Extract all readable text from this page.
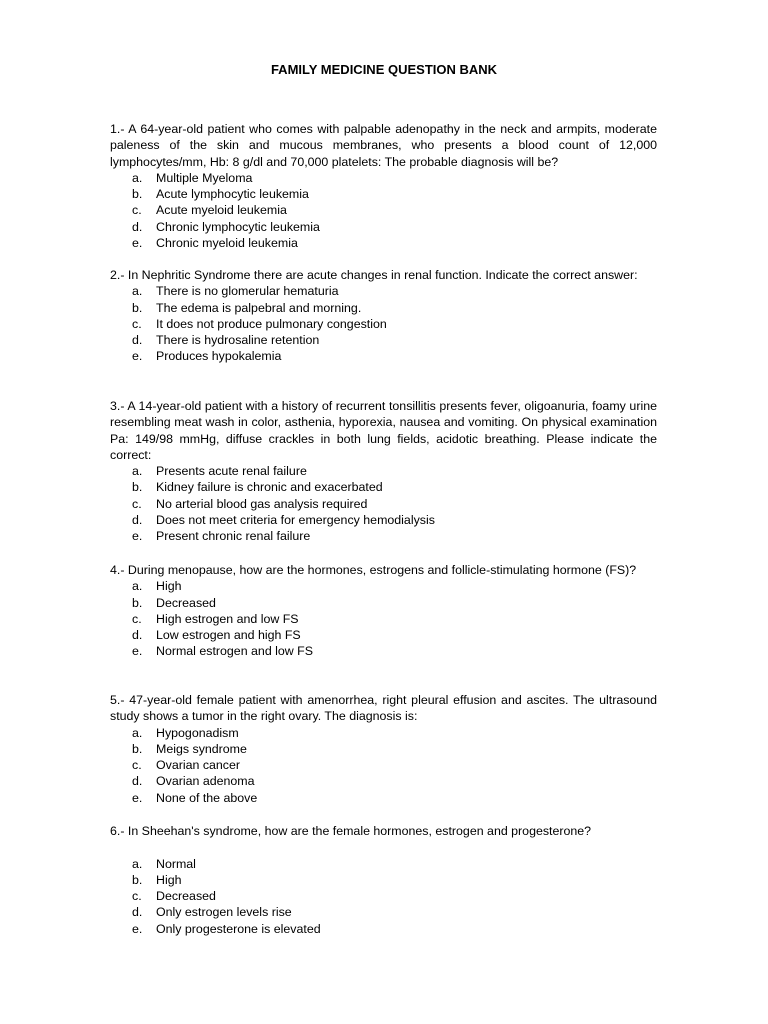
FAMILY MEDICINE QUESTION BANK

1.- A 64-year-old patient who comes with palpable adenopathy in the neck and armpits, moderate paleness of the skin and mucous membranes, who presents a blood count of 12,000 lymphocytes/mm, Hb: 8 g/dl and 70,000 platelets: The probable diagnosis will be?

a.	Multiple Myeloma
b.	Acute lymphocytic leukemia
c.	Acute myeloid leukemia
d.	Chronic lymphocytic leukemia
e.	Chronic myeloid leukemia

2.- In Nephritic Syndrome there are acute changes in renal function. Indicate the correct answer:

a.	There is no glomerular hematuria
b.	The edema is palpebral and morning.
c.	It does not produce pulmonary congestion
d.	There is hydrosaline retention
e.	Produces hypokalemia

3.- A 14-year-old patient with a history of recurrent tonsillitis presents fever, oligoanuria, foamy urine resembling meat wash in color, asthenia, hyporexia, nausea and vomiting. On physical examination Pa: 149/98 mmHg, diffuse crackles in both lung fields, acidotic breathing. Please indicate the correct:

a.	Presents acute renal failure
b.	Kidney failure is chronic and exacerbated
c.	No arterial blood gas analysis required
d.	Does not meet criteria for emergency hemodialysis
e.	Present chronic renal failure

4.- During menopause, how are the hormones, estrogens and follicle-stimulating hormone (FS)?

a.	High
b.	Decreased
c.	High estrogen and low FS
d.	Low estrogen and high FS
e.	Normal estrogen and low FS

5.- 47-year-old female patient with amenorrhea, right pleural effusion and ascites. The ultrasound study shows a tumor in the right ovary. The diagnosis is:

a.	Hypogonadism
b.	Meigs syndrome
c.	Ovarian cancer
d.	Ovarian adenoma
e.	None of the above

6.- In Sheehan's syndrome, how are the female hormones, estrogen and progesterone?

a.	Normal
b.	High
c.	Decreased
d.	Only estrogen levels rise
e.	Only progesterone is elevated
